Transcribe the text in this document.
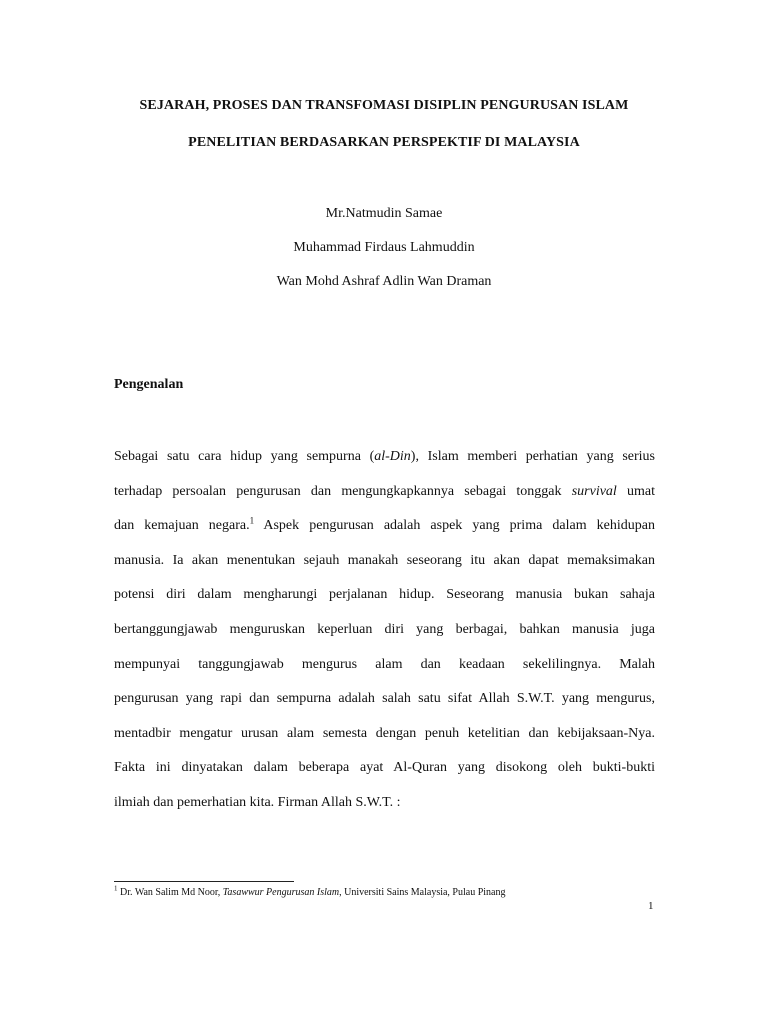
SEJARAH, PROSES DAN TRANSFOMASI DISIPLIN PENGURUSAN ISLAM
PENELITIAN BERDASARKAN PERSPEKTIF DI MALAYSIA
Mr.Natmudin Samae
Muhammad Firdaus Lahmuddin
Wan Mohd Ashraf Adlin Wan Draman
Pengenalan
Sebagai satu cara hidup yang sempurna (al-Din), Islam memberi perhatian yang serius
terhadap persoalan pengurusan dan mengungkapkannya sebagai tonggak survival umat
dan kemajuan negara.$^1$ Aspek pengurusan adalah aspek yang prima dalam kehidupan
manusia. Ia akan menentukan sejauh manakah seseorang itu akan dapat memaksimakan
potensi diri dalam mengharungi perjalanan hidup. Seseorang manusia bukan sahaja
bertanggungjawab menguruskan keperluan diri yang berbagai, bahkan manusia juga
mempunyai tanggungjawab mengurus alam dan keadaan sekelilingnya. Malah
pengurusan yang rapi dan sempurna adalah salah satu sifat Allah S.W.T. yang mengurus,
mentadbir mengatur urusan alam semesta dengan penuh ketelitian dan kebijaksaan-Nya.
Fakta ini dinyatakan dalam beberapa ayat Al-Quran yang disokong oleh bukti-bukti
ilmiah dan pemerhatian kita. Firman Allah S.W.T. :
$^1$ Dr. Wan Salim Md Noor, Tasawwur Pengurusan Islam, Universiti Sains Malaysia, Pulau Pinang
1
